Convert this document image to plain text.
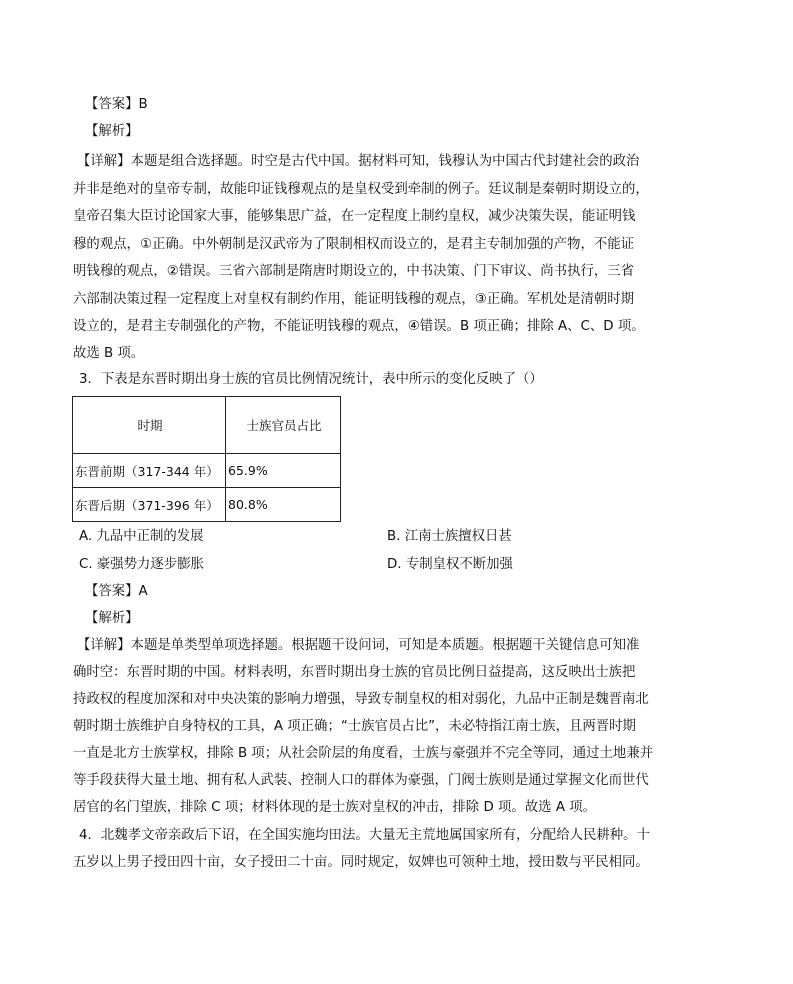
【答案】B
【解析】
【详解】本题是组合选择题。时空是古代中国。据材料可知，钱穆认为中国古代封建社会的政治
并非是绝对的皇帝专制，故能印证钱穆观点的是皇权受到牵制的例子。廷议制是秦朝时期设立的，
皇帝召集大臣讨论国家大事，能够集思广益，在一定程度上制约皇权，减少决策失误，能证明钱
穆的观点，①正确。中外朝制是汉武帝为了限制相权而设立的，是君主专制加强的产物，不能证
明钱穆的观点，②错误。三省六部制是隋唐时期设立的，中书决策、门下审议、尚书执行，三省
六部制决策过程一定程度上对皇权有制约作用，能证明钱穆的观点，③正确。军机处是清朝时期
设立的，是君主专制强化的产物，不能证明钱穆的观点，④错误。B 项正确；排除 A、C、D 项。
故选 B 项。
3．下表是东晋时期出身士族的官员比例情况统计，表中所示的变化反映了（）
时期	士族官员占比
东晋前期（317-344 年）	65.9%
东晋后期（371-396 年）	80.8%
A. 九品中正制的发展	B. 江南士族擅权日甚
C. 豪强势力逐步膨胀	D. 专制皇权不断加强
【答案】A
【解析】
【详解】本题是单类型单项选择题。根据题干设问词，可知是本质题。根据题干关键信息可知准
确时空：东晋时期的中国。材料表明，东晋时期出身士族的官员比例日益提高，这反映出士族把
持政权的程度加深和对中央决策的影响力增强，导致专制皇权的相对弱化，九品中正制是魏晋南北
朝时期士族维护自身特权的工具，A 项正确；“士族官员占比”，未必特指江南士族，且两晋时期
一直是北方士族掌权，排除 B 项；从社会阶层的角度看，士族与豪强并不完全等同，通过土地兼并
等手段获得大量土地、拥有私人武装、控制人口的群体为豪强，门阀士族则是通过掌握文化而世代
居官的名门望族，排除 C 项；材料体现的是士族对皇权的冲击，排除 D 项。故选 A 项。
4．北魏孝文帝亲政后下诏，在全国实施均田法。大量无主荒地属国家所有，分配给人民耕种。十
五岁以上男子授田四十亩，女子授田二十亩。同时规定，奴婢也可领种土地，授田数与平民相同。
